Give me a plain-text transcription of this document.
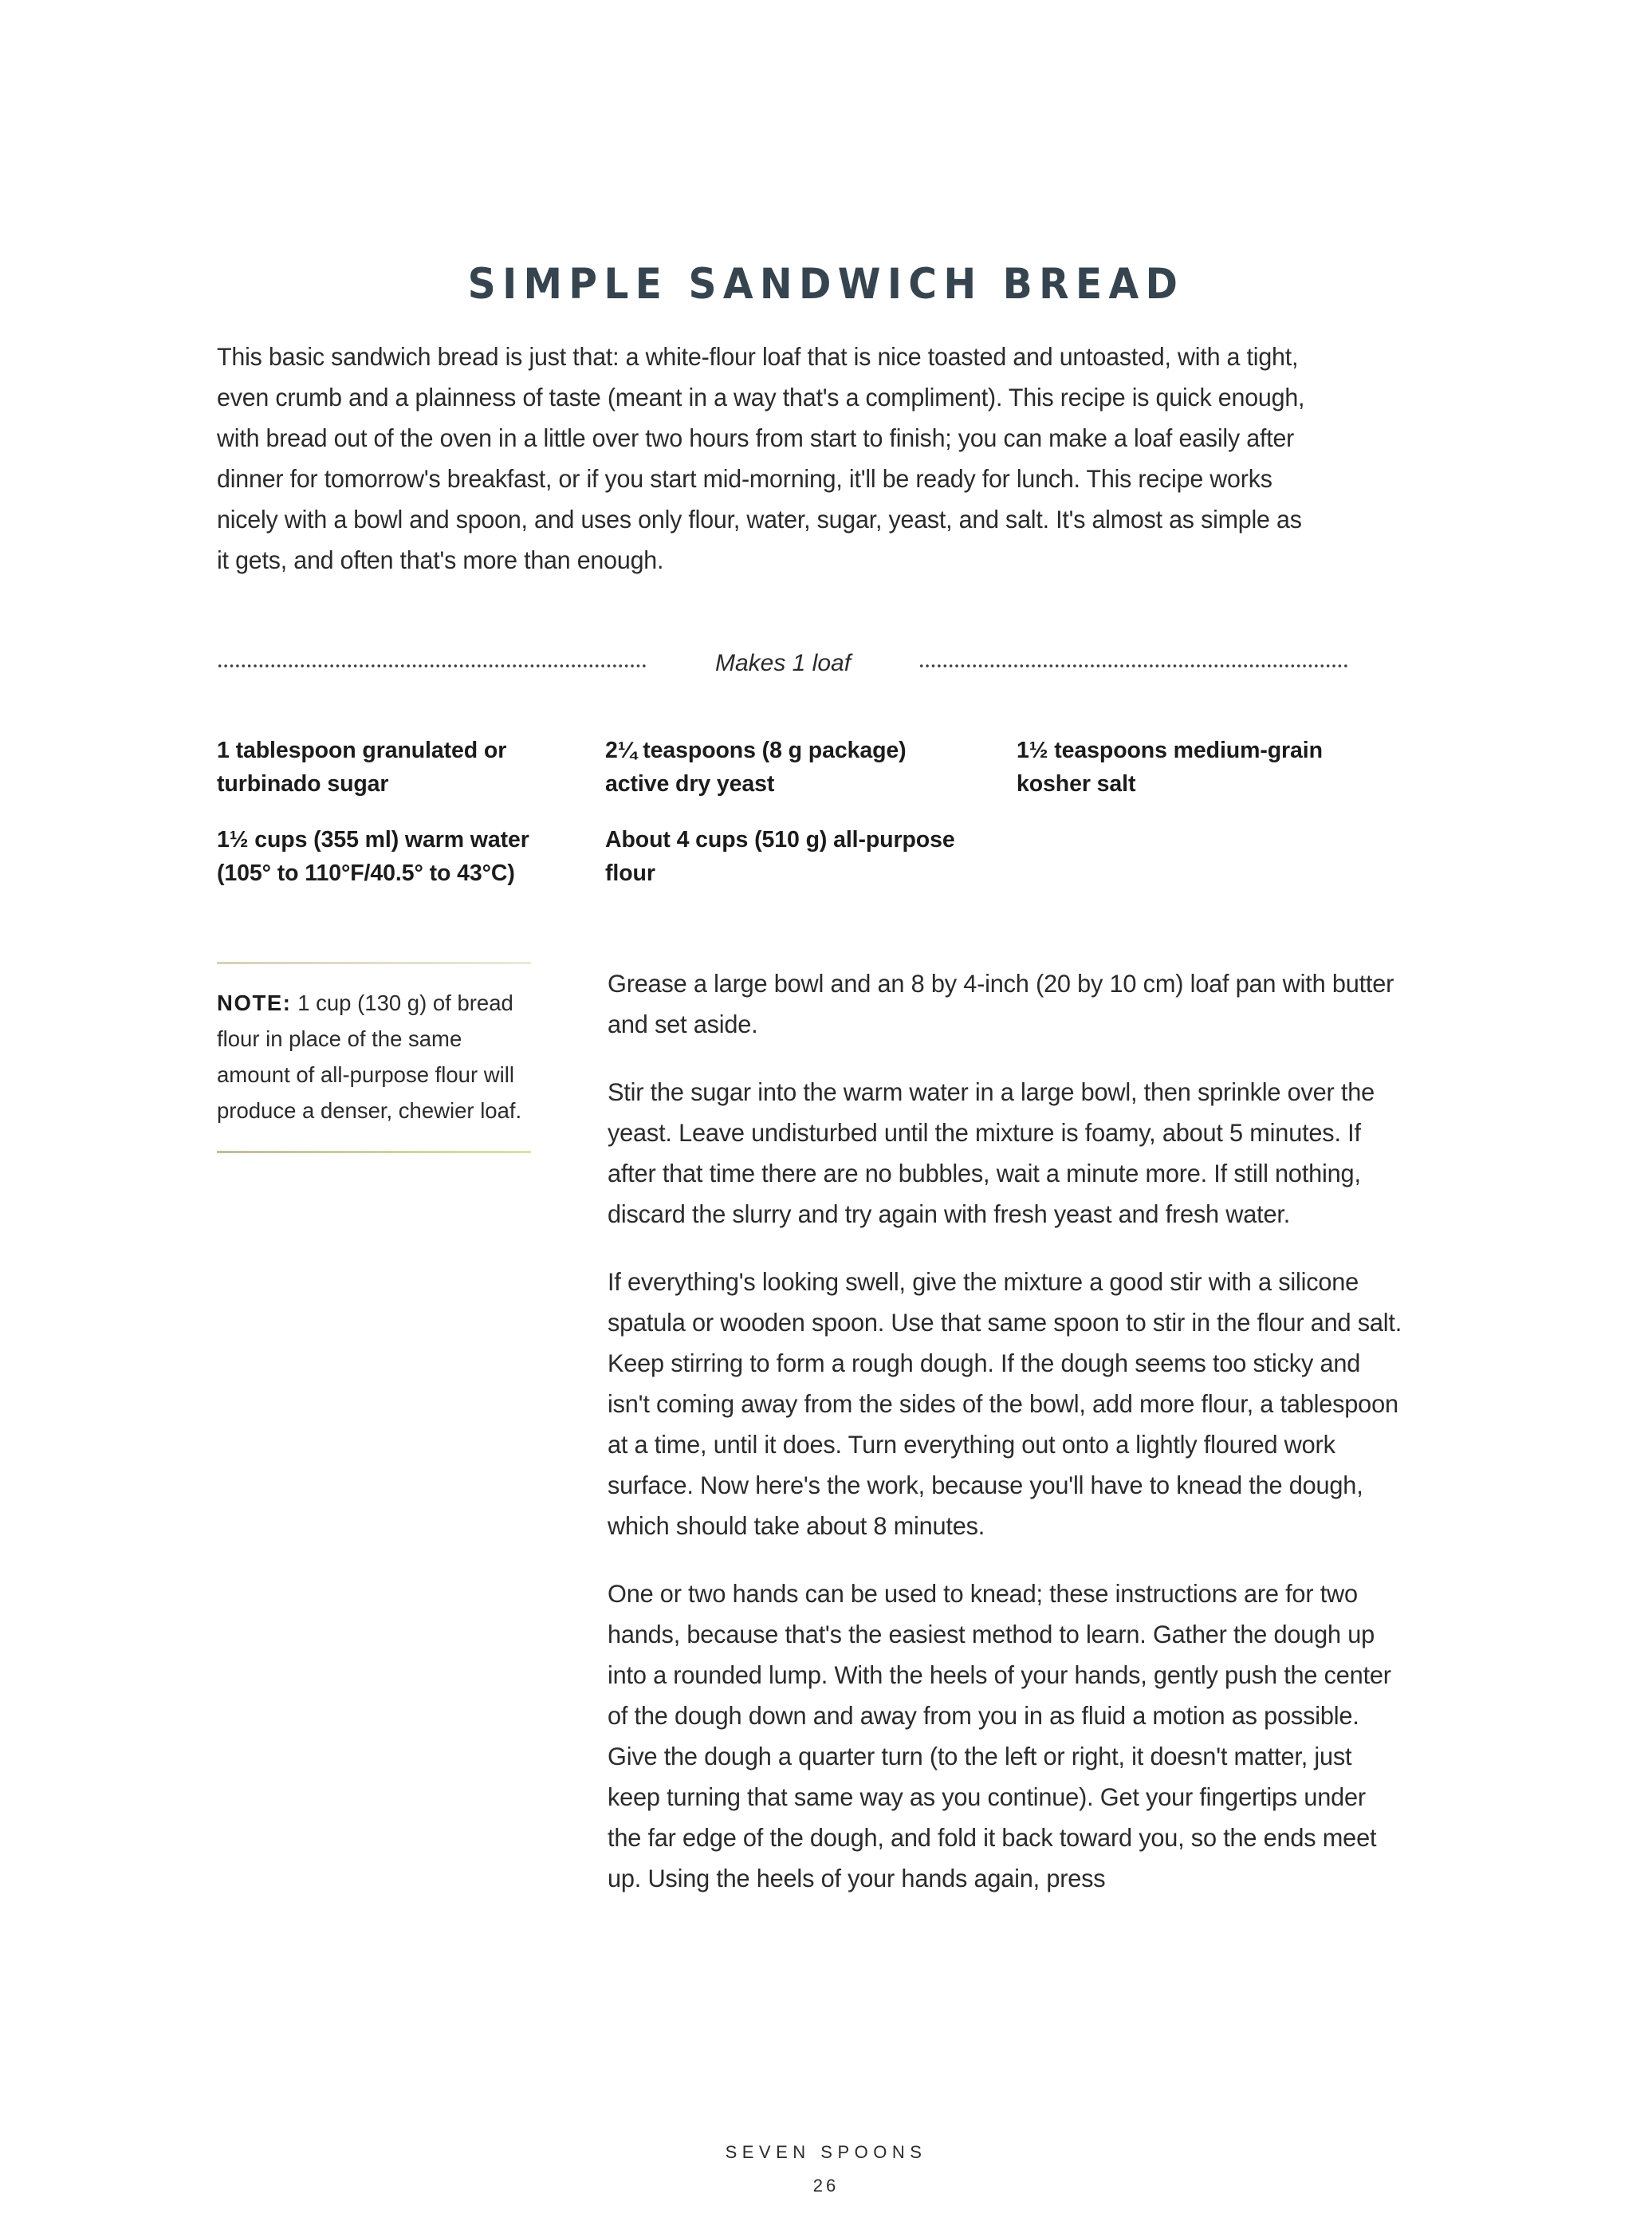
SIMPLE SANDWICH BREAD

This basic sandwich bread is just that: a white-flour loaf that is nice toasted and untoasted, with a tight, even crumb and a plainness of taste (meant in a way that's a compliment). This recipe is quick enough, with bread out of the oven in a little over two hours from start to finish; you can make a loaf easily after dinner for tomorrow's breakfast, or if you start mid-morning, it'll be ready for lunch. This recipe works nicely with a bowl and spoon, and uses only flour, water, sugar, yeast, and salt. It's almost as simple as it gets, and often that's more than enough.

Makes 1 loaf
1 tablespoon granulated or turbinado sugar
1½ cups (355 ml) warm water (105° to 110°F/40.5° to 43°C)
2¼ teaspoons (8 g package) active dry yeast
About 4 cups (510 g) all-purpose flour
1½ teaspoons medium-grain kosher salt

NOTE: 1 cup (130 g) of bread flour in place of the same amount of all-purpose flour will produce a denser, chewier loaf.

Grease a large bowl and an 8 by 4-inch (20 by 10 cm) loaf pan with butter and set aside.

Stir the sugar into the warm water in a large bowl, then sprinkle over the yeast. Leave undisturbed until the mixture is foamy, about 5 minutes. If after that time there are no bubbles, wait a minute more. If still nothing, discard the slurry and try again with fresh yeast and fresh water.

If everything's looking swell, give the mixture a good stir with a silicone spatula or wooden spoon. Use that same spoon to stir in the flour and salt. Keep stirring to form a rough dough. If the dough seems too sticky and isn't coming away from the sides of the bowl, add more flour, a tablespoon at a time, until it does. Turn everything out onto a lightly floured work surface. Now here's the work, because you'll have to knead the dough, which should take about 8 minutes.

One or two hands can be used to knead; these instructions are for two hands, because that's the easiest method to learn. Gather the dough up into a rounded lump. With the heels of your hands, gently push the center of the dough down and away from you in as fluid a motion as possible. Give the dough a quarter turn (to the left or right, it doesn't matter, just keep turning that same way as you continue). Get your fingertips under the far edge of the dough, and fold it back toward you, so the ends meet up. Using the heels of your hands again, press

SEVEN SPOONS
26
